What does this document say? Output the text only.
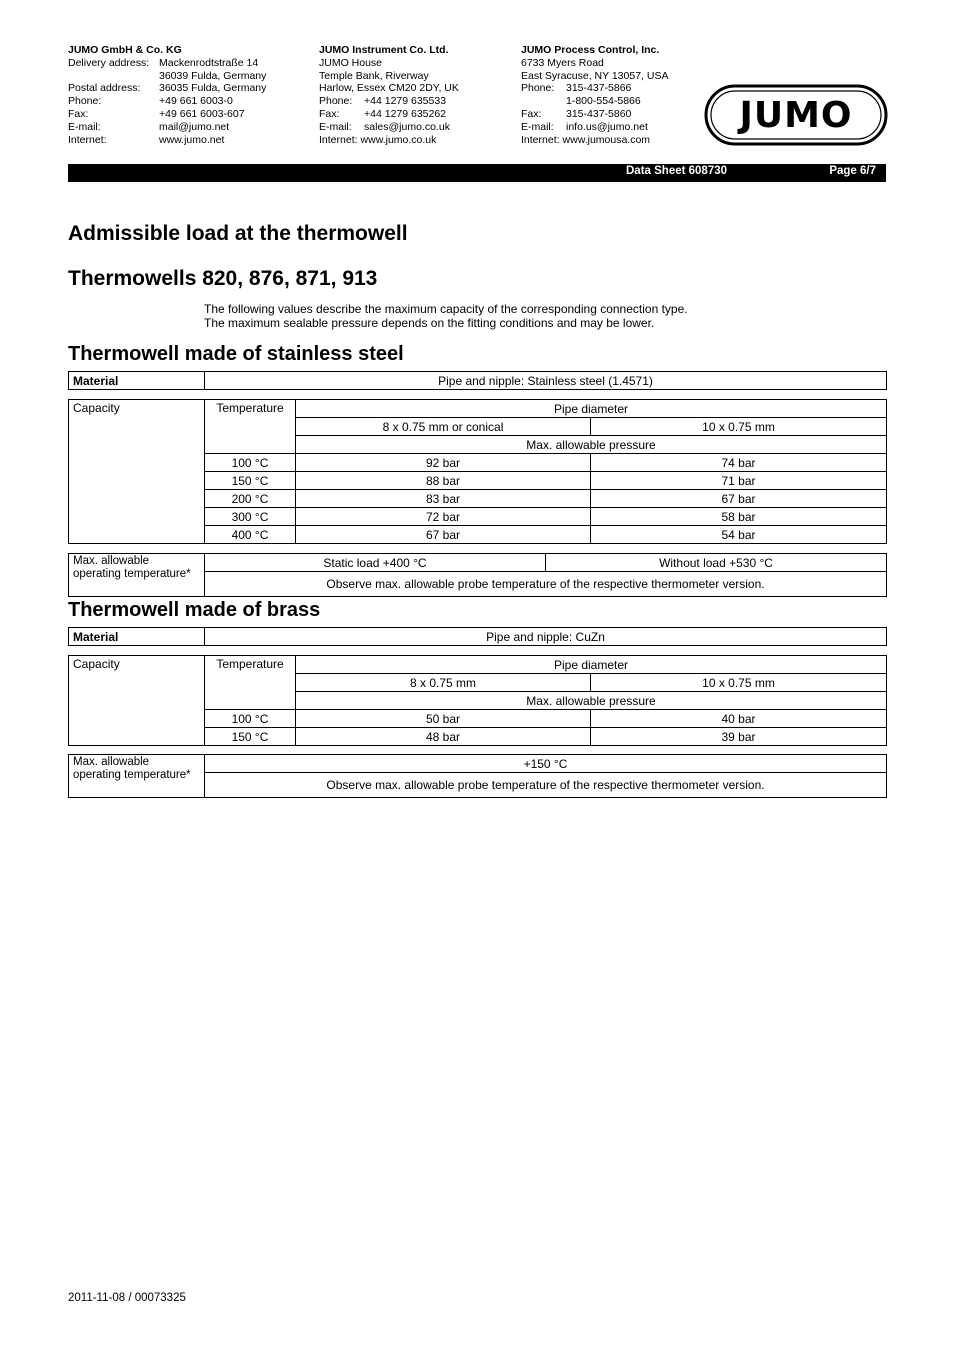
JUMO GmbH & Co. KG
Delivery address: Mackenrodtstraße 14
36039 Fulda, Germany
Postal address:	36035 Fulda, Germany
Phone:	+49 661 6003-0
Fax:	+49 661 6003-607
E-mail:	mail@jumo.net
Internet:	www.jumo.net
JUMO Instrument Co. Ltd.
JUMO House
Temple Bank, Riverway
Harlow, Essex CM20 2DY, UK
Phone:	+44 1279 635533
Fax:	+44 1279 635262
E-mail:	sales@jumo.co.uk
Internet: www.jumo.co.uk
JUMO Process Control, Inc.
6733 Myers Road
East Syracuse, NY 13057, USA
Phone:	315-437-5866
1-800-554-5866
Fax:	315-437-5860
E-mail:	info.us@jumo.net
Internet: www.jumousa.com
JUMO
Data Sheet 608730	Page 6/7
Admissible load at the thermowell
Thermowells 820, 876, 871, 913
The following values describe the maximum capacity of the corresponding connection type.
The maximum sealable pressure depends on the fitting conditions and may be lower.
Thermowell made of stainless steel
Material	Pipe and nipple: Stainless steel (1.4571)
Capacity	Temperature	Pipe diameter	
		8 x 0.75 mm or conical	10 x 0.75 mm
		Max. allowable pressure	
	100 °C	92 bar	74 bar
	150 °C	88 bar	71 bar
	200 °C	83 bar	67 bar
	300 °C	72 bar	58 bar
	400 °C	67 bar	54 bar
Max. allowable operating temperature*	Static load +400 °C	Without load +530 °C
Observe max. allowable probe temperature of the respective thermometer version.
Thermowell made of brass
Material	Pipe and nipple: CuZn
Capacity	Temperature	Pipe diameter	
		8 x 0.75 mm	10 x 0.75 mm
		Max. allowable pressure	
	100 °C	50 bar	40 bar
	150 °C	48 bar	39 bar
Max. allowable operating temperature*	+150 °C
Observe max. allowable probe temperature of the respective thermometer version.
2011-11-08 / 00073325
